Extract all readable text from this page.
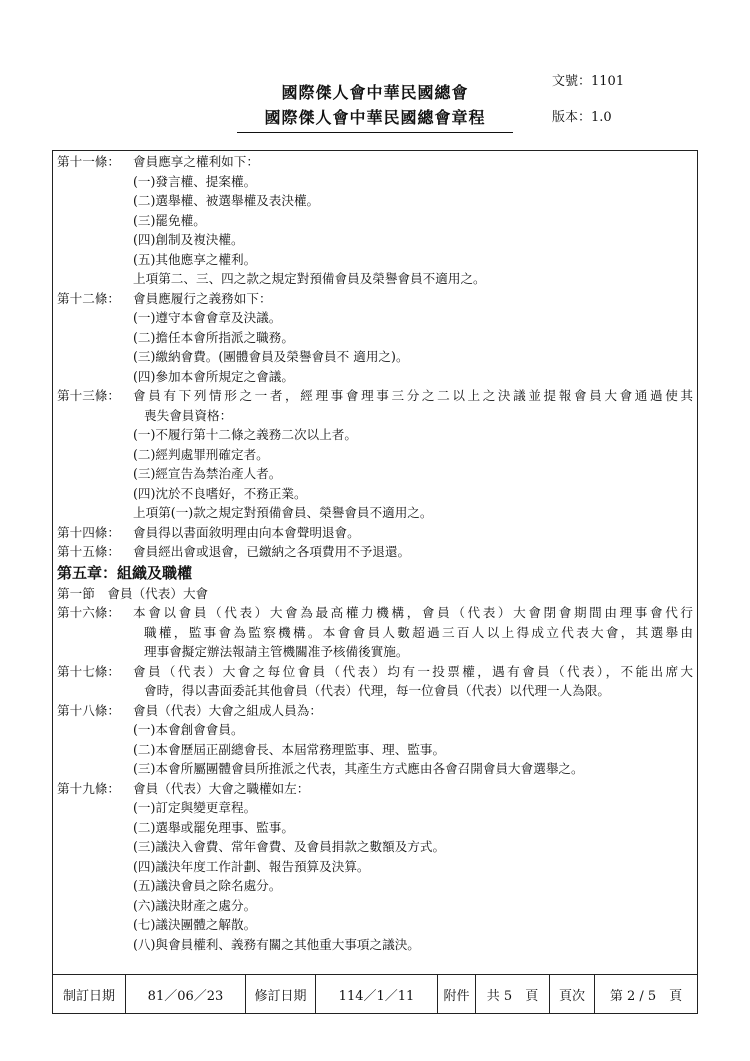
國際傑人會中華民國總會
國際傑人會中華民國總會章程
文號：1101
版本：1.0
第十一條：	會員應享之權利如下：
(一)發言權、提案權。
(二)選舉權、被選舉權及表決權。
(三)罷免權。
(四)創制及複決權。
(五)其他應享之權利。
上項第二、三、四之款之規定對預備會員及榮譽會員不適用之。
第十二條：	會員應履行之義務如下：
(一)遵守本會會章及決議。
(二)擔任本會所指派之職務。
(三)繳納會費。(團體會員及榮譽會員不 適用之)。
(四)參加本會所規定之會議。
第十三條：	會員有下列情形之一者，經理事會理事三分之二以上之決議並提報會員大會通過使其
喪失會員資格：
(一)不履行第十二條之義務二次以上者。
(二)經判處罪刑確定者。
(三)經宣告為禁治產人者。
(四)沈於不良嗜好，不務正業。
上項第(一)款之規定對預備會員、榮譽會員不適用之。
第十四條：	會員得以書面敘明理由向本會聲明退會。
第十五條：	會員經出會或退會，已繳納之各項費用不予退還。
第五章：組織及職權
第一節　會員（代表）大會
第十六條：	本會以會員（代表）大會為最高權力機構，會員（代表）大會閉會期間由理事會代行
職權，監事會為監察機構。本會會員人數超過三百人以上得成立代表大會，其選舉由
理事會擬定辦法報請主管機關准予核備後實施。
第十七條：	會員（代表）大會之每位會員（代表）均有一投票權，遇有會員（代表），不能出席大
會時，得以書面委託其他會員（代表）代理，每一位會員（代表）以代理一人為限。
第十八條：	會員（代表）大會之組成人員為：
(一)本會創會會員。
(二)本會歷屆正副總會長、本屆常務理監事、理、監事。
(三)本會所屬團體會員所推派之代表，其產生方式應由各會召開會員大會選舉之。
第十九條：	會員（代表）大會之職權如左：
(一)訂定與變更章程。
(二)選舉或罷免理事、監事。
(三)議決入會費、常年會費、及會員捐款之數額及方式。
(四)議決年度工作計劃、報告預算及決算。
(五)議決會員之除名處分。
(六)議決財產之處分。
(七)議決團體之解散。
(八)與會員權利、義務有關之其他重大事項之議決。
制訂日期	81／06／23	修訂日期	114／1／11	附件	共 5　頁	頁次	第 2 / 5　頁
